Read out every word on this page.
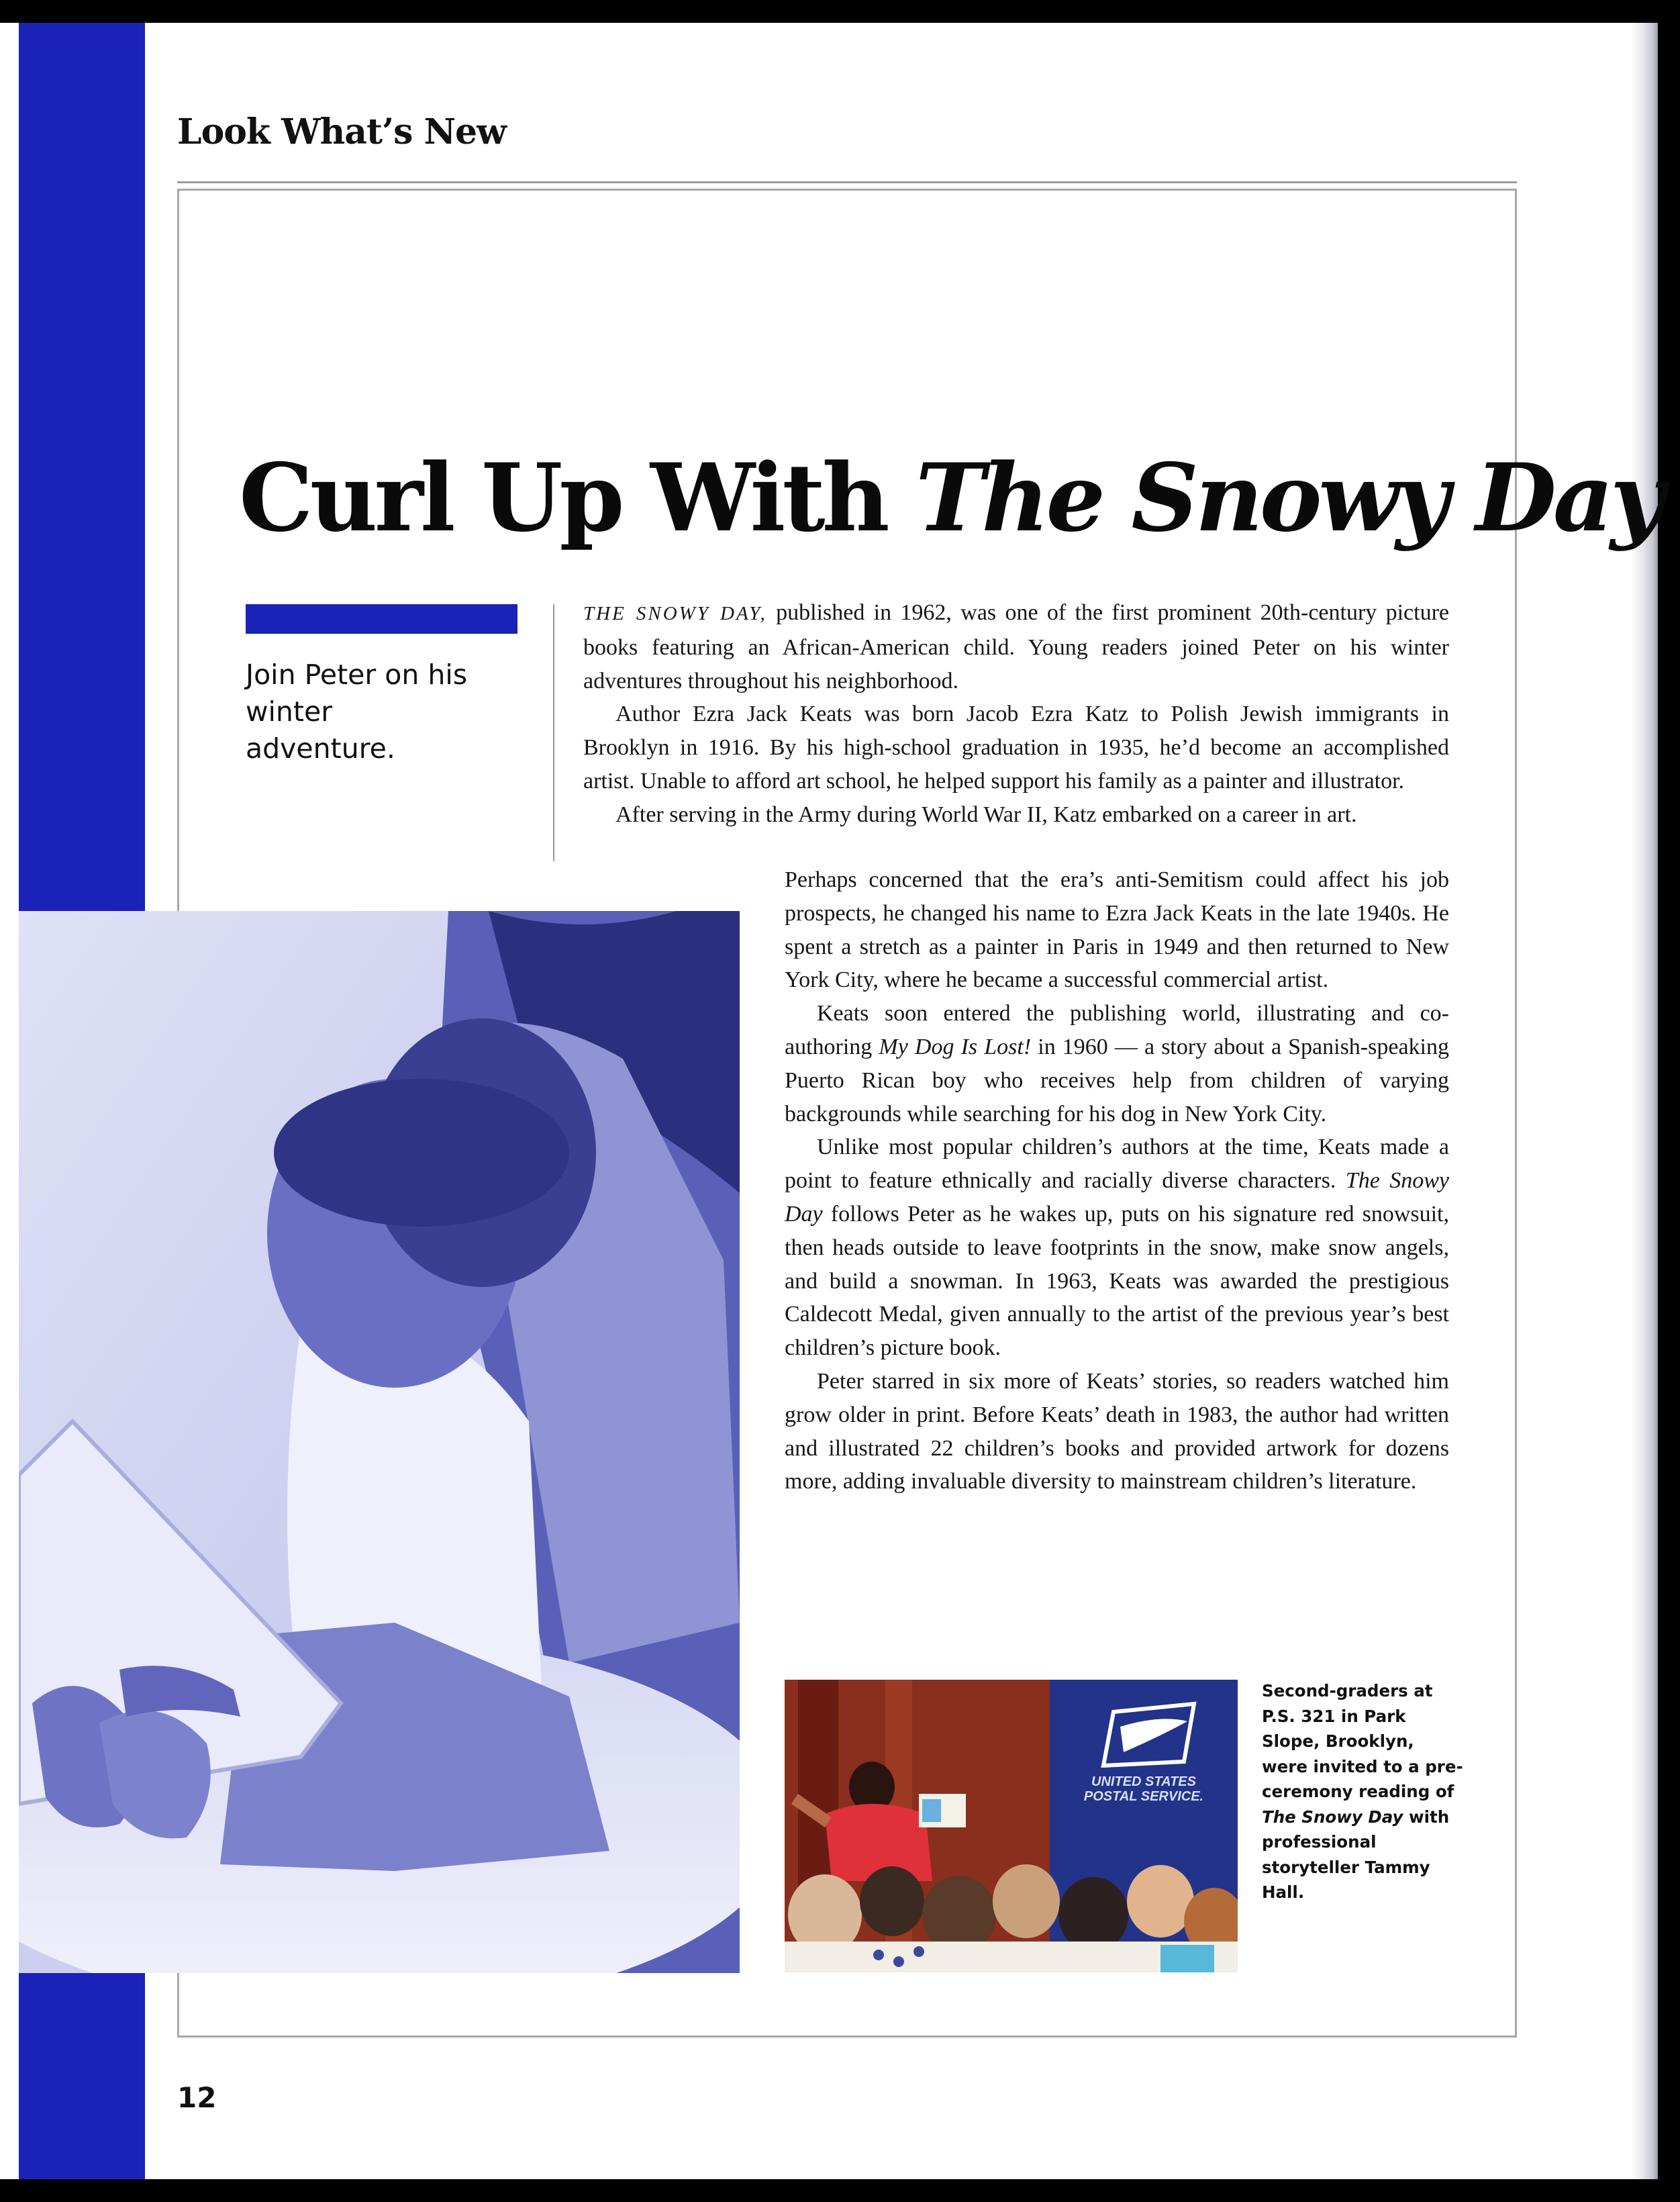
Look What’s New
Curl Up With The Snowy Day
Join Peter on his winter adventure.

THE SNOWY DAY, published in 1962, was one of the first prominent 20th-century picture books featuring an African-American child. Young readers joined Peter on his winter adventures throughout his neighborhood.

Author Ezra Jack Keats was born Jacob Ezra Katz to Polish Jewish immigrants in Brooklyn in 1916. By his high-school graduation in 1935, he’d become an accomplished artist. Unable to afford art school, he helped support his family as a painter and illustrator.

After serving in the Army during World War II, Katz embarked on a career in art.

Perhaps concerned that the era’s anti-Semitism could affect his job prospects, he changed his name to Ezra Jack Keats in the late 1940s. He spent a stretch as a painter in Paris in 1949 and then returned to New York City, where he became a successful commercial artist.

Keats soon entered the publishing world, illustrating and co-authoring My Dog Is Lost! in 1960 — a story about a Spanish-speaking Puerto Rican boy who receives help from children of varying backgrounds while searching for his dog in New York City.

Unlike most popular children’s authors at the time, Keats made a point to feature ethnically and racially diverse characters. The Snowy Day follows Peter as he wakes up, puts on his signature red snowsuit, then heads outside to leave footprints in the snow, make snow angels, and build a snowman. In 1963, Keats was awarded the prestigious Caldecott Medal, given annually to the artist of the previous year’s best children’s picture book.

Peter starred in six more of Keats’ stories, so readers watched him grow older in print. Before Keats’ death in 1983, the author had written and illustrated 22 children’s books and provided artwork for dozens more, adding invaluable diversity to mainstream children’s literature.

UNITED STATES
POSTAL SERVICE.

Second-graders at P.S. 321 in Park Slope, Brooklyn, were invited to a pre-ceremony reading of The Snowy Day with professional storyteller Tammy Hall.

12
